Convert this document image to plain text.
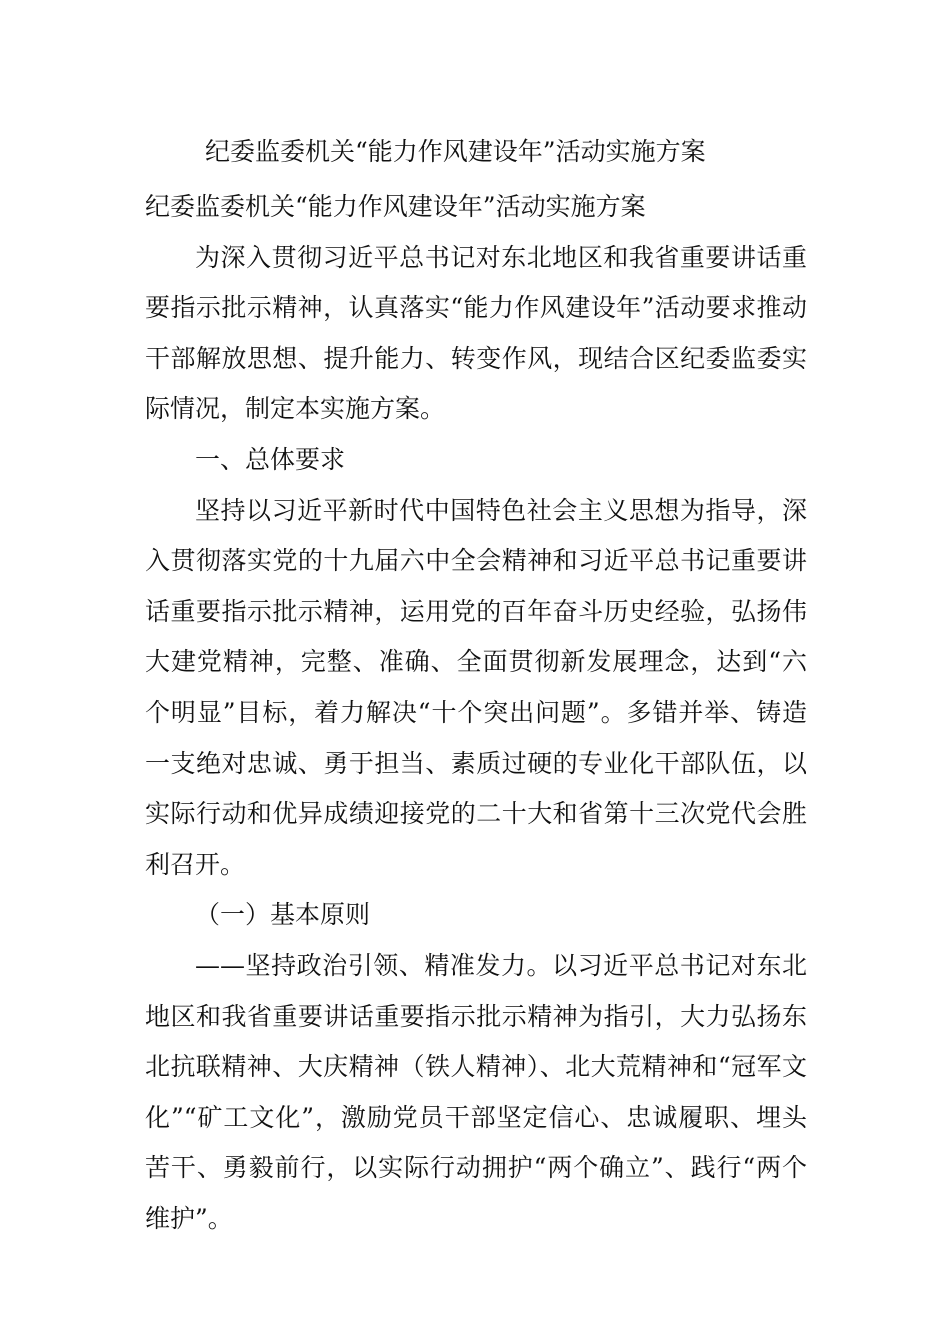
纪委监委机关“能力作风建设年”活动实施方案

纪委监委机关“能力作风建设年”活动实施方案

为深入贯彻习近平总书记对东北地区和我省重要讲话重要指示批示精神，认真落实“能力作风建设年”活动要求推动干部解放思想、提升能力、转变作风，现结合区纪委监委实际情况，制定本实施方案。

一、总体要求

坚持以习近平新时代中国特色社会主义思想为指导，深入贯彻落实党的十九届六中全会精神和习近平总书记重要讲话重要指示批示精神，运用党的百年奋斗历史经验，弘扬伟大建党精神，完整、准确、全面贯彻新发展理念，达到“六个明显”目标，着力解决“十个突出问题”。多错并举、铸造一支绝对忠诚、勇于担当、素质过硬的专业化干部队伍，以实际行动和优异成绩迎接党的二十大和省第十三次党代会胜利召开。

（一）基本原则

——坚持政治引领、精准发力。以习近平总书记对东北地区和我省重要讲话重要指示批示精神为指引，大力弘扬东北抗联精神、大庆精神（铁人精神）、北大荒精神和“冠军文化”“矿工文化”，激励党员干部坚定信心、忠诚履职、埋头苦干、勇毅前行，以实际行动拥护“两个确立”、践行“两个维护”。
